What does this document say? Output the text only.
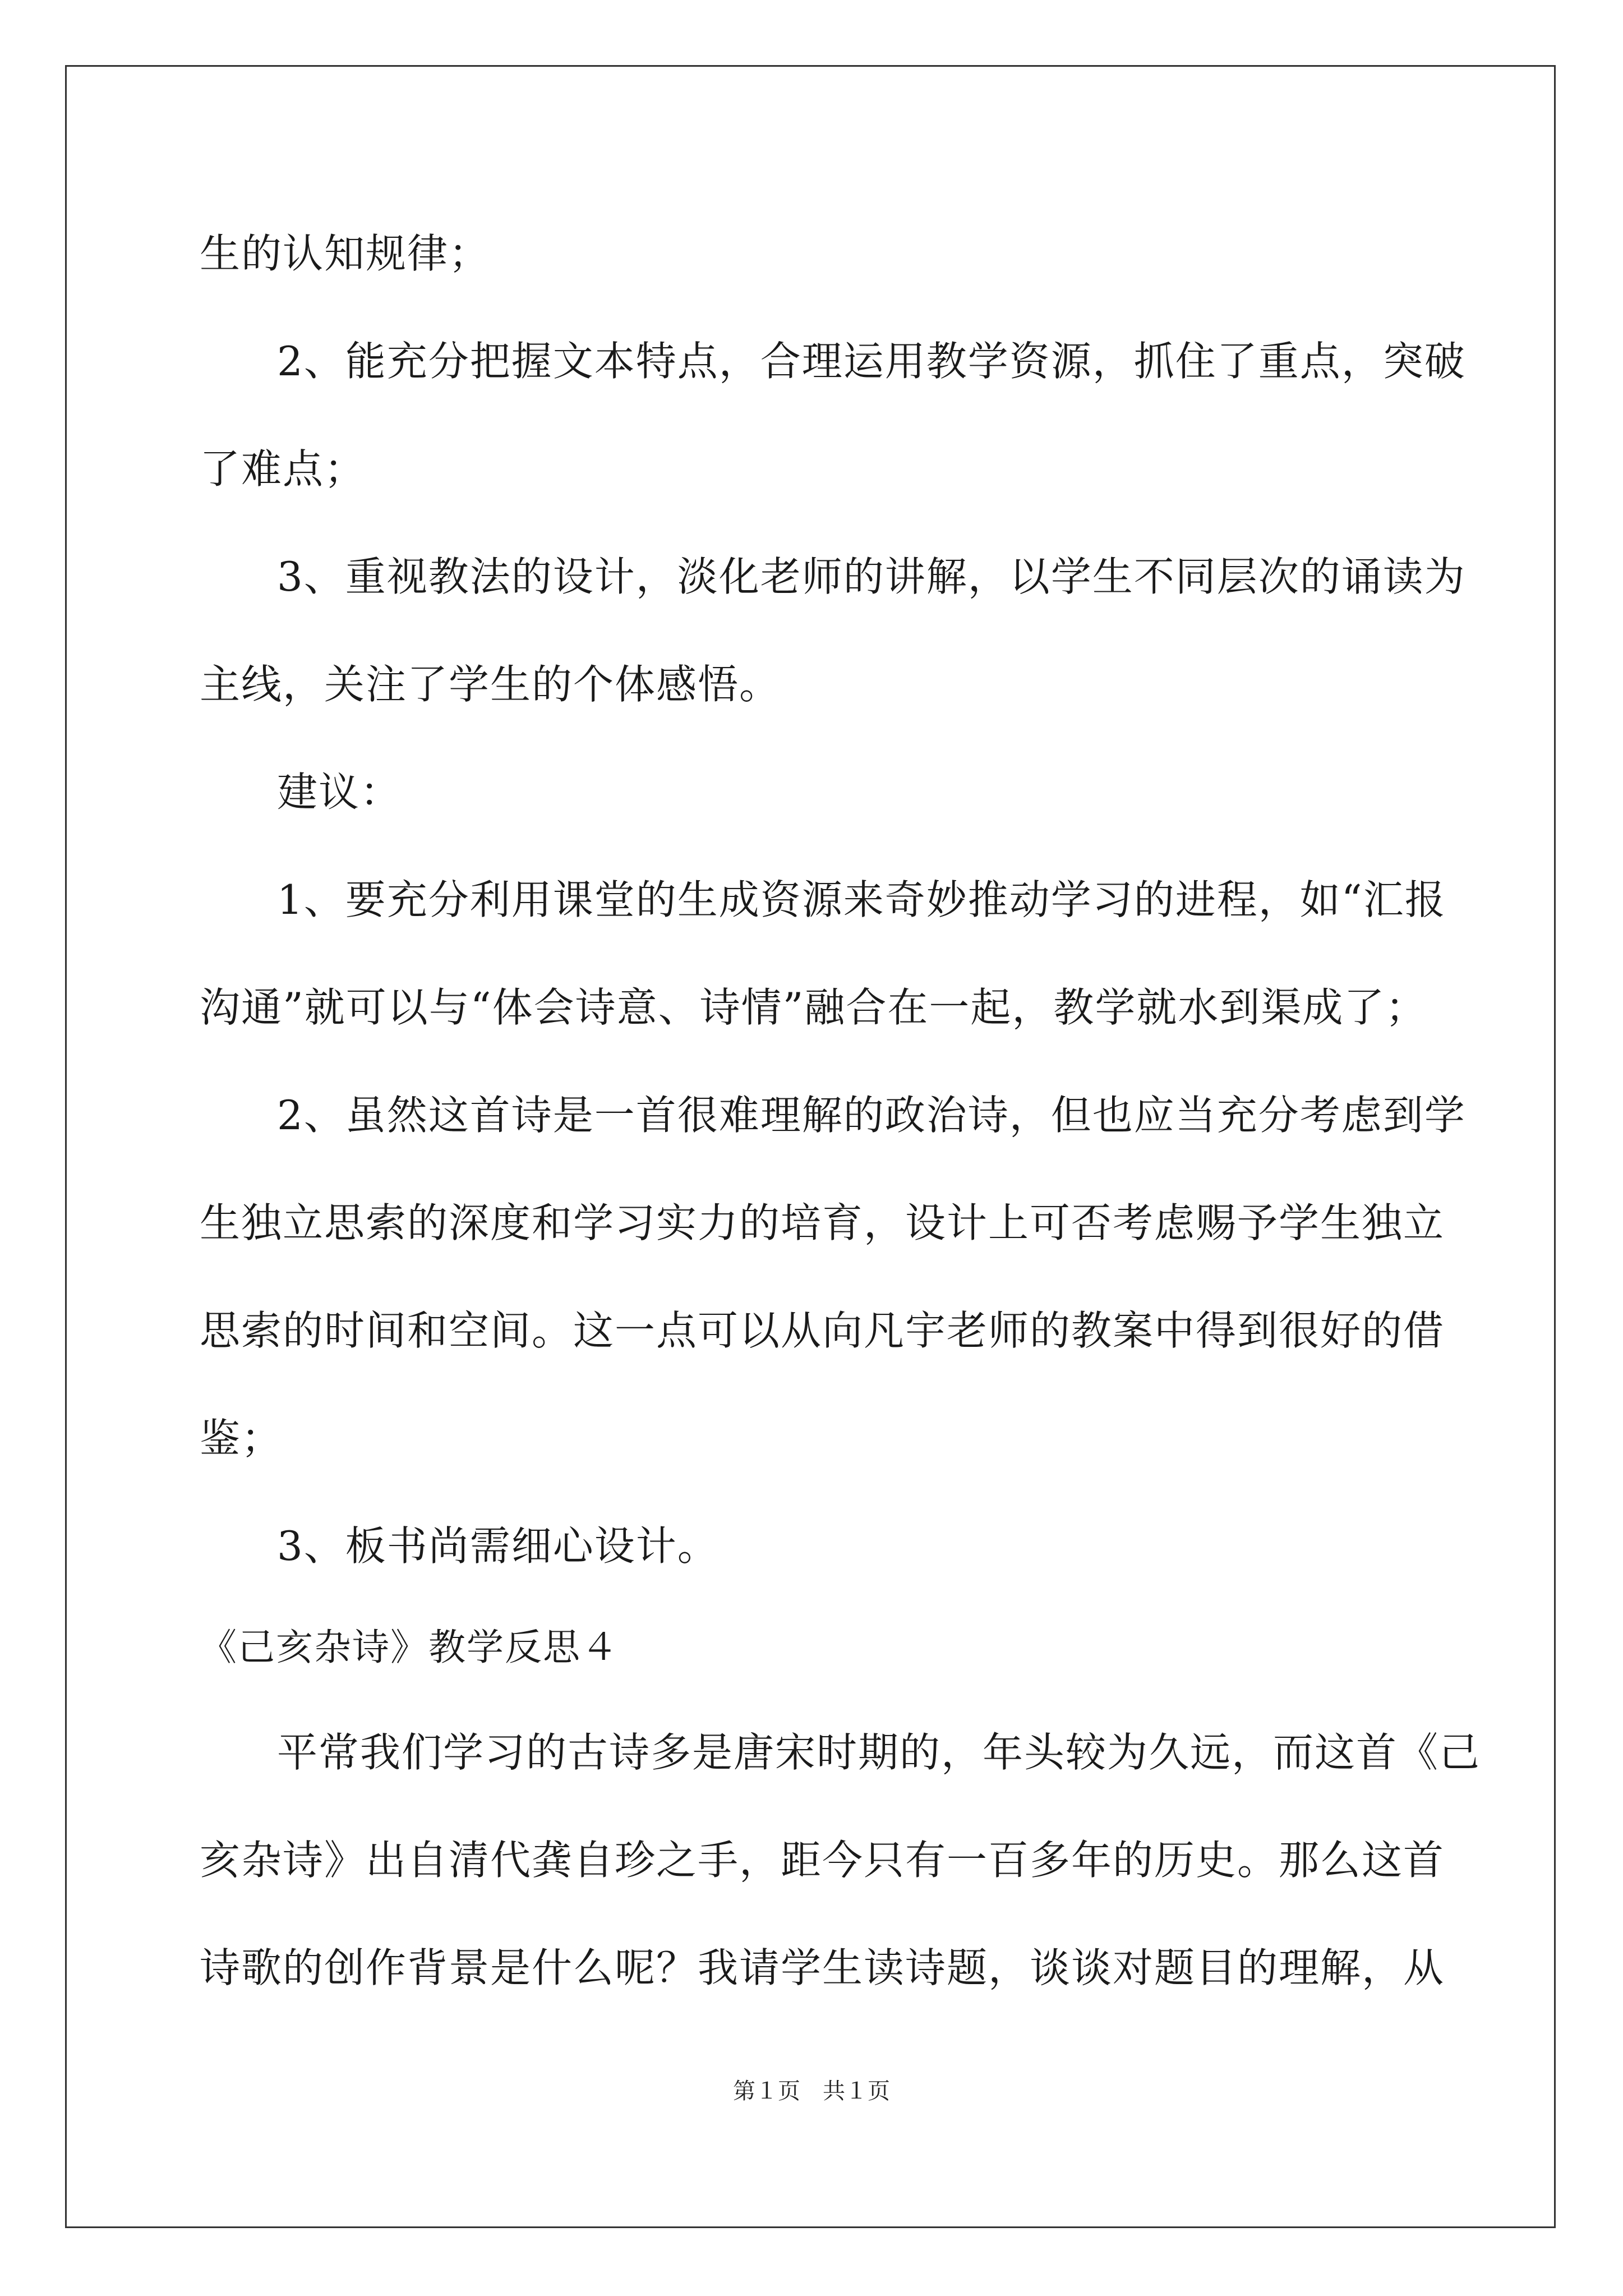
生的认知规律；
2、能充分把握文本特点，合理运用教学资源，抓住了重点，突破
了难点；
3、重视教法的设计，淡化老师的讲解，以学生不同层次的诵读为
主线，关注了学生的个体感悟。
建议：
1、要充分利用课堂的生成资源来奇妙推动学习的进程，如“汇报
沟通”就可以与“体会诗意、诗情”融合在一起，教学就水到渠成了；
2、虽然这首诗是一首很难理解的政治诗，但也应当充分考虑到学
生独立思索的深度和学习实力的培育，设计上可否考虑赐予学生独立
思索的时间和空间。这一点可以从向凡宇老师的教案中得到很好的借
鉴；
3、板书尚需细心设计。
《己亥杂诗》教学反思４
平常我们学习的古诗多是唐宋时期的，年头较为久远，而这首《己
亥杂诗》出自清代龚自珍之手，距今只有一百多年的历史。那么这首
诗歌的创作背景是什么呢？我请学生读诗题，谈谈对题目的理解，从
第１页　共１页
